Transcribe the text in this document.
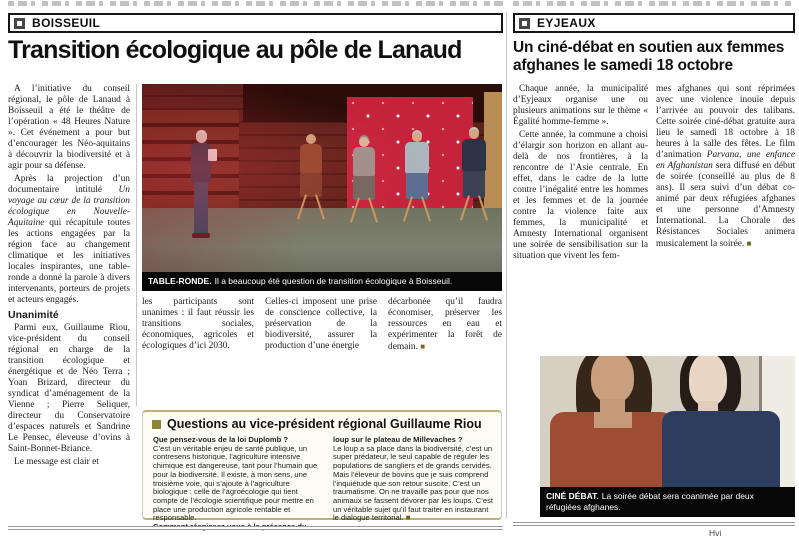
BOISSEUIL
Transition écologique au pôle de Lanaud

A l’initiative du conseil régional, le pôle de Lanaud à Boisseuil a été le théâtre de l’opération « 48 Heures Nature ». Cet événement a pour but d’encourager les Néo-aquitains à découvrir la biodiversité et à agir pour sa défense.

Après la projection d’un documentaire intitulé Un voyage au cœur de la transition écologique en Nouvelle-Aquitaine qui récapitule toutes les actions engagées par la région face au changement climatique et les initiatives locales inspirantes, une table-ronde a donné la parole à divers intervenants, porteurs de projets et acteurs engagés.

Unanimité

Parmi eux, Guillaume Riou, vice-président du conseil régional en charge de la transition écologique et énergétique et de Néo Terra ; Yoan Brizard, directeur du syndicat d’aménagement de la Vienne ; Pierre Seliquer, directeur du Conservatoire d’espaces naturels et Sandrine Le Pensec, éleveuse d’ovins à Saint-Bonnet-Briance.

Le message est clair et

TABLE-RONDE. Il a beaucoup été question de transition écologique à Boisseuil.
les participants sont unanimes : il faut réussir les transitions sociales, économiques, agricoles et écologiques d’ici 2030.
Celles-ci imposent une prise de conscience collective, la préservation de la biodiversité, assurer la production d’une énergie
décarbonée qu’il faudra économiser, préserver les ressources en eau et expérimenter la forêt de demain. ■
Questions au vice-président régional Guillaume Riou
Que pensez-vous de la loi Duplomb ?
C’est un véritable enjeu de santé publique, un contresens historique, l’agriculture intensive chimique est dangereuse, tant pour l’humain que pour la biodiversité. Il existe, à mon sens, une troisième voie, qui s’ajoute à l’agriculture biologique : celle de l’agroécologie qui tient compte de l’écologie scientifique pour mettre en place une production agricole rentable et responsable.
loup sur le plateau de Millevaches ?
Le loup a sa place dans la biodiversité, c’est un super prédateur, le seul capable de réguler les populations de sangliers et de grands cervidés. Mais l’éleveur de bovins que je suis comprend l’inquiétude que son retour suscite. C’est un traumatisme. On ne travaille pas pour que nos animaux se fassent dévorer par les loups. C’est un véritable sujet qu’il faut traiter en instaurant le dialogue territorial. ■
EYJEAUX
Un ciné-débat en soutien aux femmes afghanes le samedi 18 octobre

Chaque année, la municipalité d’Eyjeaux organise une ou plusieurs animations sur le thème « Égalité homme-femme ».

Cette année, la commune a choisi d’élargir son horizon en allant au-delà de nos frontières, à la rencontre de l’Asie centrale. En effet, dans le cadre de la lutte contre l’inégalité entre les hommes et les femmes et de la journée contre la violence faite aux femmes, la municipalité et Amnesty International organisent une soirée de sensibilisation sur la situation que vivent les fem-

mes afghanes qui sont réprimées avec une violence inouïe depuis l’arrivée au pouvoir des talibans. Cette soirée ciné-débat gratuite aura lieu le samedi 18 octobre à 18 heures à la salle des fêtes. Le film d’animation Parvana, une enfance en Afghanistan sera diffusé en début de soirée (conseillé au plus de 8 ans). Il sera suivi d’un débat co-animé par deux réfugiées afghanes et une personne d’Amnesty International. La Chorale des Résistances Sociales animera musicalement la soirée. ■
CINÉ DÉBAT. La soirée débat sera coanimée par deux réfugiées afghanes.
Hvi
